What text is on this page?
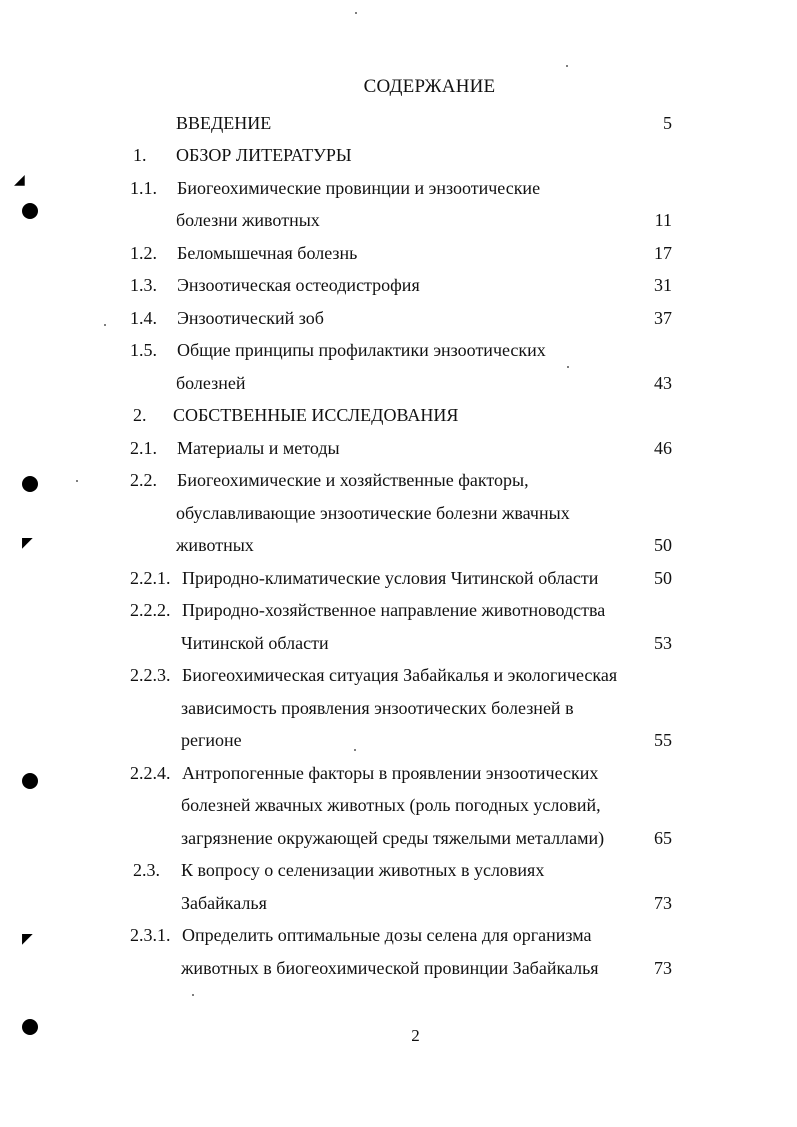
◢
◤
◤
СОДЕРЖАНИЕ
ВВЕДЕНИЕ	5
1. ОБЗОР ЛИТЕРАТУРЫ
1.1. Биогеохимические провинции и энзоотические
болезни животных	11
1.2. Беломышечная болезнь	17
1.3. Энзоотическая остеодистрофия	31
1.4. Энзоотический зоб	37
1.5. Общие принципы профилактики энзоотических
болезней	43
2. СОБСТВЕННЫЕ ИССЛЕДОВАНИЯ
2.1. Материалы и методы	46
2.2. Биогеохимические и хозяйственные факторы,
обуславливающие энзоотические болезни жвачных
животных	50
2.2.1. Природно-климатические условия Читинской области	50
2.2.2. Природно-хозяйственное направление животноводства
Читинской области	53
2.2.3. Биогеохимическая ситуация Забайкалья и экологическая
зависимость проявления энзоотических болезней в
регионе	55
2.2.4. Антропогенные факторы в проявлении энзоотических
болезней жвачных животных (роль погодных условий,
загрязнение окружающей среды тяжелыми металлами)	65
2.3. К вопросу о селенизации животных в условиях
Забайкалья	73
2.3.1. Определить оптимальные дозы селена для организма
животных в биогеохимической провинции Забайкалья	73
2
